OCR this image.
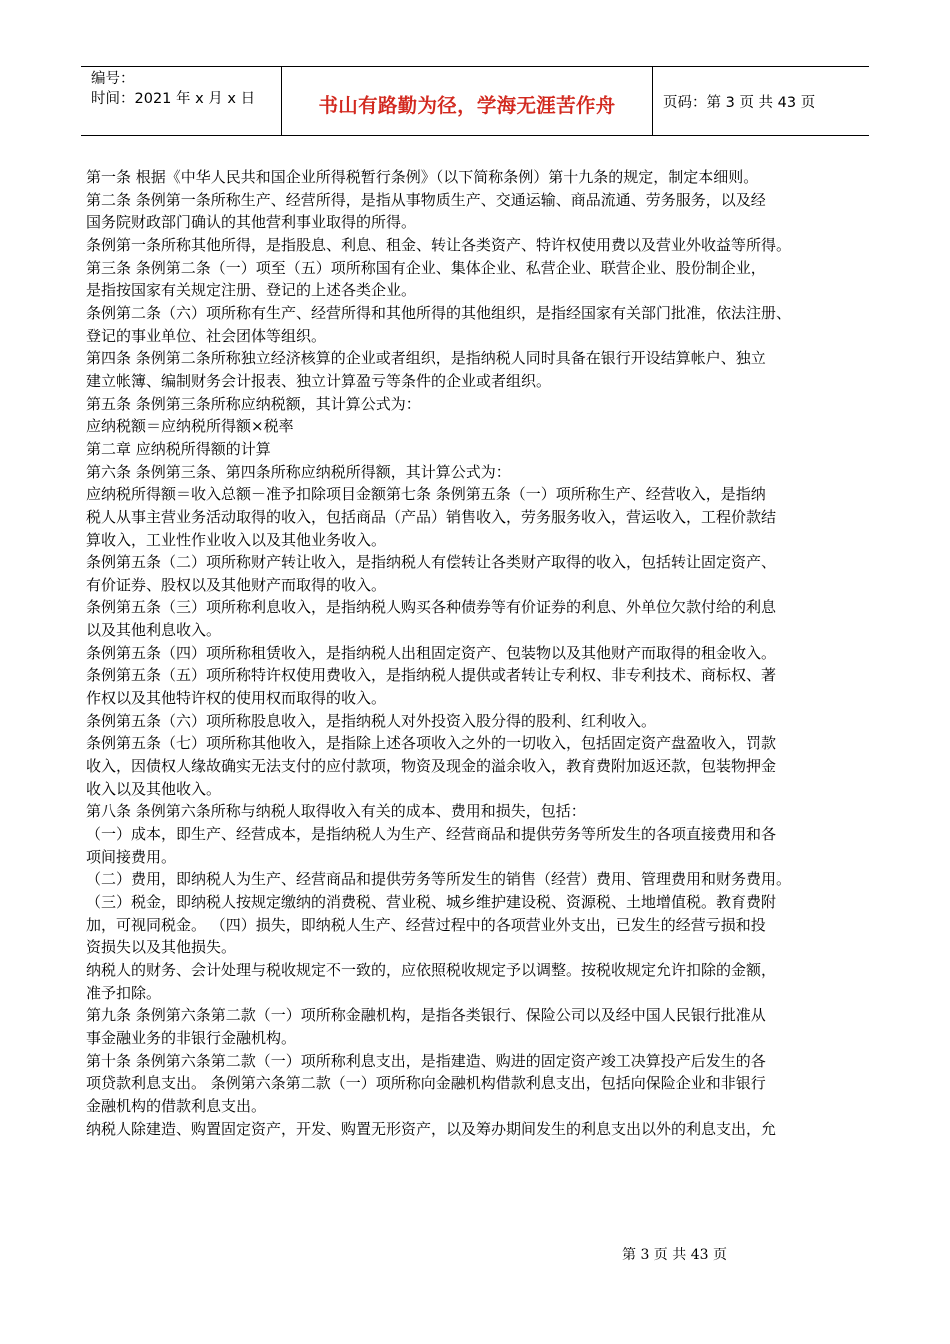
编号：
时间：2021 年 x 月 x 日	书山有路勤为径，学海无涯苦作舟	页码：第 3 页 共 43 页
第一条 根据《中华人民共和国企业所得税暂行条例》（以下简称条例）第十九条的规定，制定本细则。
第二条 条例第一条所称生产、经营所得，是指从事物质生产、交通运输、商品流通、劳务服务，以及经
国务院财政部门确认的其他营利事业取得的所得。
条例第一条所称其他所得，是指股息、利息、租金、转让各类资产、特许权使用费以及营业外收益等所得。
第三条 条例第二条（一）项至（五）项所称国有企业、集体企业、私营企业、联营企业、股份制企业，
是指按国家有关规定注册、登记的上述各类企业。
条例第二条（六）项所称有生产、经营所得和其他所得的其他组织，是指经国家有关部门批准，依法注册、
登记的事业单位、社会团体等组织。
第四条 条例第二条所称独立经济核算的企业或者组织，是指纳税人同时具备在银行开设结算帐户、独立
建立帐簿、编制财务会计报表、独立计算盈亏等条件的企业或者组织。
第五条 条例第三条所称应纳税额，其计算公式为：
应纳税额＝应纳税所得额×税率
第二章 应纳税所得额的计算
第六条 条例第三条、第四条所称应纳税所得额，其计算公式为：
应纳税所得额＝收入总额－准予扣除项目金额第七条 条例第五条（一）项所称生产、经营收入，是指纳
税人从事主营业务活动取得的收入，包括商品（产品）销售收入，劳务服务收入，营运收入，工程价款结
算收入，工业性作业收入以及其他业务收入。
条例第五条（二）项所称财产转让收入，是指纳税人有偿转让各类财产取得的收入，包括转让固定资产、
有价证券、股权以及其他财产而取得的收入。
条例第五条（三）项所称利息收入，是指纳税人购买各种债券等有价证券的利息、外单位欠款付给的利息
以及其他利息收入。
条例第五条（四）项所称租赁收入，是指纳税人出租固定资产、包装物以及其他财产而取得的租金收入。
条例第五条（五）项所称特许权使用费收入，是指纳税人提供或者转让专利权、非专利技术、商标权、著
作权以及其他特许权的使用权而取得的收入。
条例第五条（六）项所称股息收入，是指纳税人对外投资入股分得的股利、红利收入。
条例第五条（七）项所称其他收入，是指除上述各项收入之外的一切收入，包括固定资产盘盈收入，罚款
收入，因债权人缘故确实无法支付的应付款项，物资及现金的溢余收入，教育费附加返还款，包装物押金
收入以及其他收入。
第八条 条例第六条所称与纳税人取得收入有关的成本、费用和损失，包括：
（一）成本，即生产、经营成本，是指纳税人为生产、经营商品和提供劳务等所发生的各项直接费用和各
项间接费用。
（二）费用，即纳税人为生产、经营商品和提供劳务等所发生的销售（经营）费用、管理费用和财务费用。
（三）税金，即纳税人按规定缴纳的消费税、营业税、城乡维护建设税、资源税、土地增值税。教育费附
加，可视同税金。 （四）损失，即纳税人生产、经营过程中的各项营业外支出，已发生的经营亏损和投
资损失以及其他损失。
纳税人的财务、会计处理与税收规定不一致的，应依照税收规定予以调整。按税收规定允许扣除的金额，
准予扣除。
第九条 条例第六条第二款（一）项所称金融机构，是指各类银行、保险公司以及经中国人民银行批准从
事金融业务的非银行金融机构。
第十条 条例第六条第二款（一）项所称利息支出，是指建造、购进的固定资产竣工决算投产后发生的各
项贷款利息支出。 条例第六条第二款（一）项所称向金融机构借款利息支出，包括向保险企业和非银行
金融机构的借款利息支出。
纳税人除建造、购置固定资产，开发、购置无形资产，以及筹办期间发生的利息支出以外的利息支出，允
第 3 页 共 43 页
